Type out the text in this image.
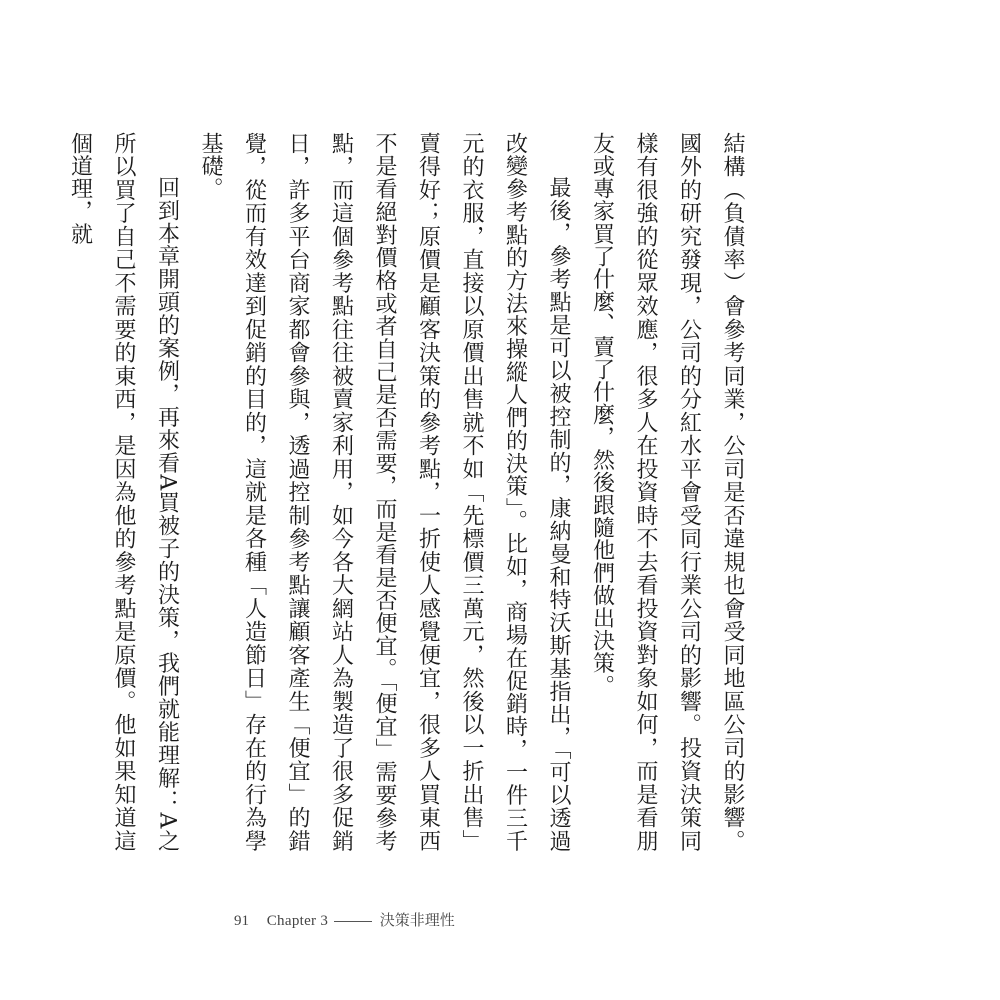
結構（負債率）會參考同業，公司是否違規也會受同地區公司的影響。國外的研究發現，公司的分紅水平會受同行業公司的影響。投資決策同樣有很強的從眾效應，很多人在投資時不去看投資對象如何，而是看朋友或專家買了什麼、賣了什麼，然後跟隨他們做出決策。

最後，參考點是可以被控制的，康納曼和特沃斯基指出，「可以透過改變參考點的方法來操縱人們的決策」。比如，商場在促銷時，一件三千元的衣服，直接以原價出售就不如「先標價三萬元，然後以一折出售」賣得好；原價是顧客決策的參考點，一折使人感覺便宜，很多人買東西不是看絕對價格或者自己是否需要，而是看是否便宜。「便宜」需要參考點，而這個參考點往往被賣家利用，如今各大網站人為製造了很多促銷日，許多平台商家都會參與，透過控制參考點讓顧客產生「便宜」的錯覺，從而有效達到促銷的目的，這就是各種「人造節日」存在的行為學基礎。

回到本章開頭的案例，再來看A買被子的決策，我們就能理解：A之所以買了自己不需要的東西，是因為他的參考點是原價。他如果知道這個道理，就

91 Chapter 3	決策非理性
